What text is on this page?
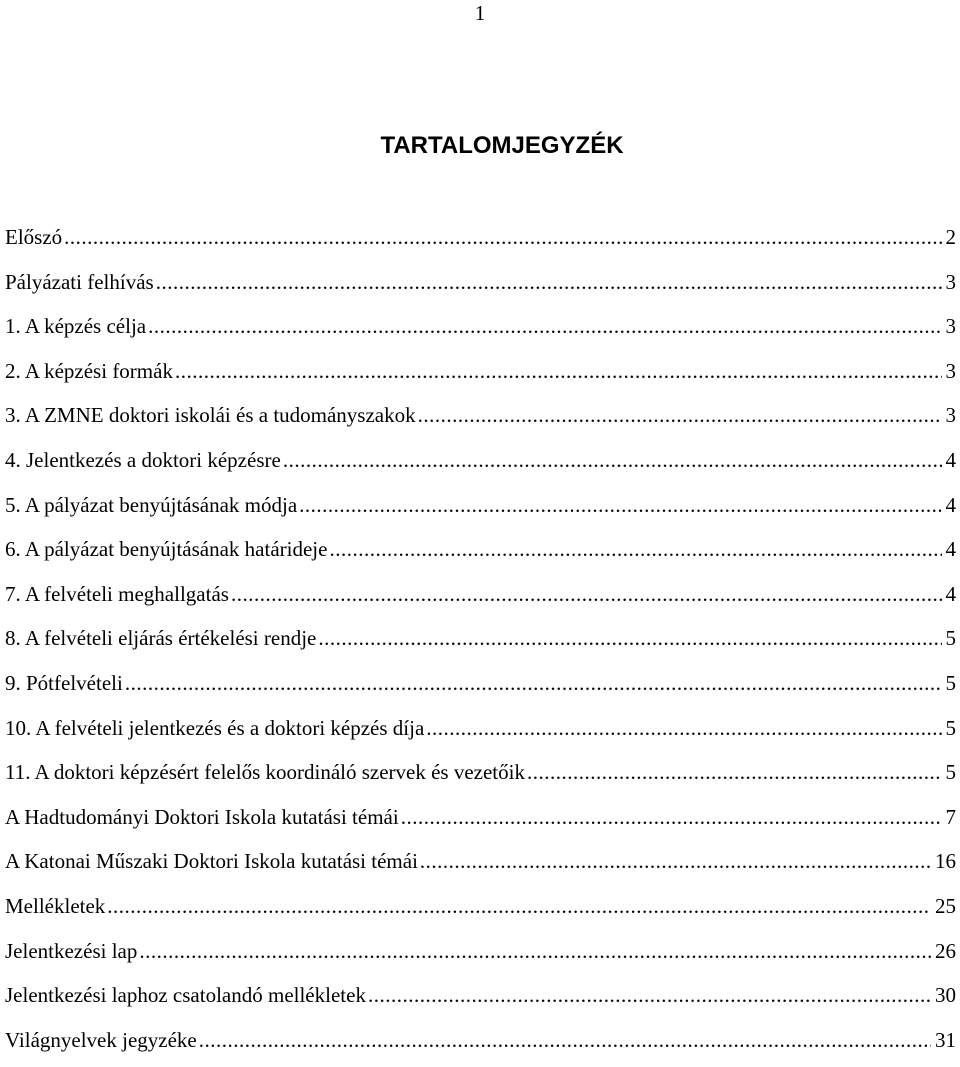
1
TARTALOMJEGYZÉK
Előszó .....	2
Pályázati felhívás .....	3
1. A képzés célja .....	3
2. A képzési formák .....	3
3. A ZMNE doktori iskolái és a tudományszakok .....	3
4. Jelentkezés a doktori képzésre .....	4
5. A pályázat benyújtásának módja .....	4
6. A pályázat benyújtásának határideje .....	4
7. A felvételi meghallgatás .....	4
8. A felvételi eljárás értékelési rendje .....	5
9. Pótfelvételi .....	5
10. A felvételi jelentkezés és a doktori képzés díja .....	5
11. A doktori képzésért felelős koordináló szervek és vezetőik .....	5
A Hadtudományi Doktori Iskola kutatási témái .....	7
A Katonai Műszaki Doktori Iskola kutatási témái .....	16
Mellékletek .....	25
Jelentkezési lap .....	26
Jelentkezési laphoz csatolandó mellékletek .....	30
Világnyelvek jegyzéke .....	31
